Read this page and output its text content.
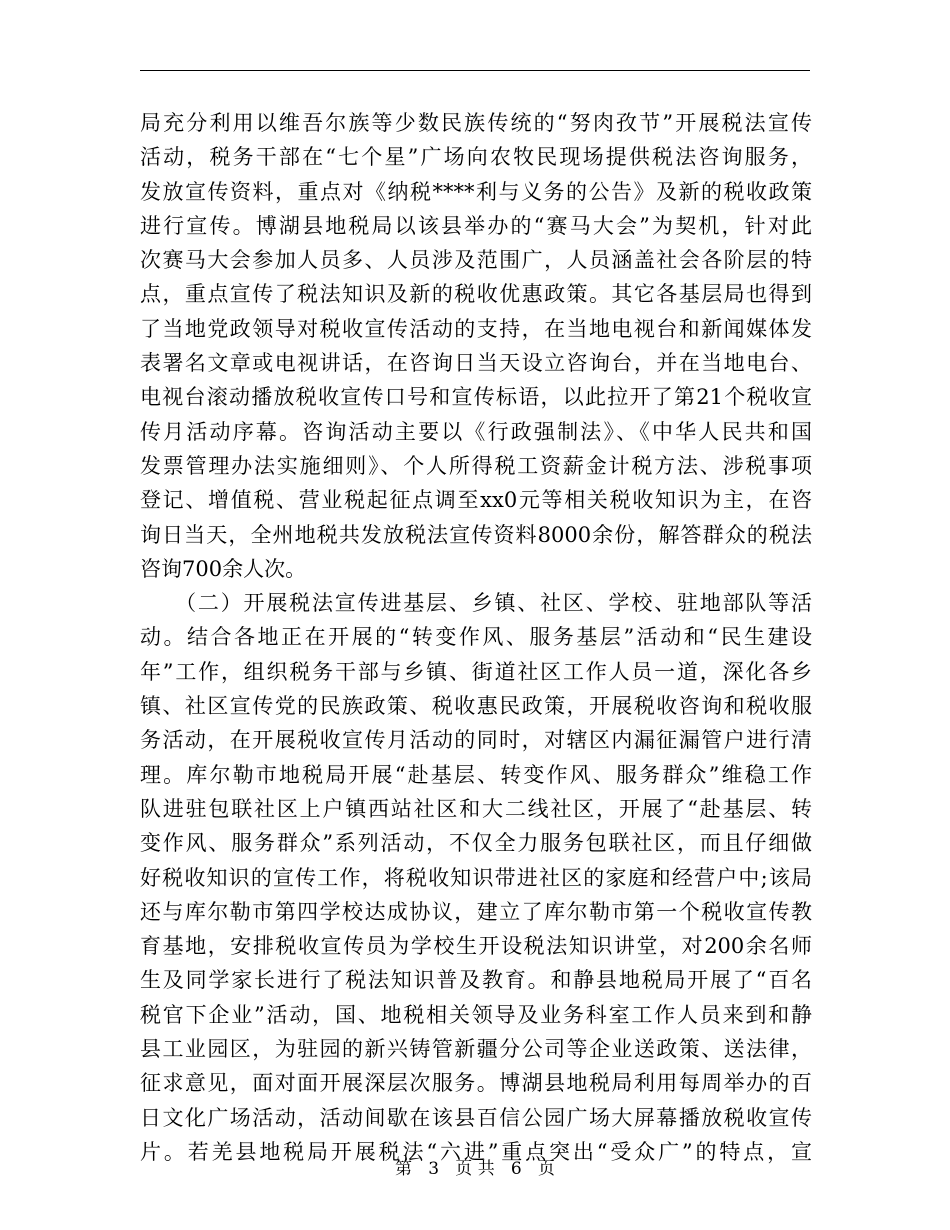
局充分利用以维吾尔族等少数民族传统的“努肉孜节”开展税法宣传
活动，税务干部在“七个星”广场向农牧民现场提供税法咨询服务，
发放宣传资料，重点对《纳税****利与义务的公告》及新的税收政策
进行宣传。博湖县地税局以该县举办的“赛马大会”为契机，针对此
次赛马大会参加人员多、人员涉及范围广，人员涵盖社会各阶层的特
点，重点宣传了税法知识及新的税收优惠政策。其它各基层局也得到
了当地党政领导对税收宣传活动的支持，在当地电视台和新闻媒体发
表署名文章或电视讲话，在咨询日当天设立咨询台，并在当地电台、
电视台滚动播放税收宣传口号和宣传标语，以此拉开了第21个税收宣
传月活动序幕。咨询活动主要以《行政强制法》、《中华人民共和国
发票管理办法实施细则》、个人所得税工资薪金计税方法、涉税事项
登记、增值税、营业税起征点调至xx0元等相关税收知识为主，在咨
询日当天，全州地税共发放税法宣传资料8000余份，解答群众的税法
咨询700余人次。
　　（二）开展税法宣传进基层、乡镇、社区、学校、驻地部队等活
动。结合各地正在开展的“转变作风、服务基层”活动和“民生建设
年”工作，组织税务干部与乡镇、街道社区工作人员一道，深化各乡
镇、社区宣传党的民族政策、税收惠民政策，开展税收咨询和税收服
务活动，在开展税收宣传月活动的同时，对辖区内漏征漏管户进行清
理。库尔勒市地税局开展“赴基层、转变作风、服务群众”维稳工作
队进驻包联社区上户镇西站社区和大二线社区，开展了“赴基层、转
变作风、服务群众”系列活动，不仅全力服务包联社区，而且仔细做
好税收知识的宣传工作，将税收知识带进社区的家庭和经营户中;该局
还与库尔勒市第四学校达成协议，建立了库尔勒市第一个税收宣传教
育基地，安排税收宣传员为学校生开设税法知识讲堂，对200余名师
生及同学家长进行了税法知识普及教育。和静县地税局开展了“百名
税官下企业”活动，国、地税相关领导及业务科室工作人员来到和静
县工业园区，为驻园的新兴铸管新疆分公司等企业送政策、送法律，
征求意见，面对面开展深层次服务。博湖县地税局利用每周举办的百
日文化广场活动，活动间歇在该县百信公园广场大屏幕播放税收宣传
片。若羌县地税局开展税法“六进”重点突出“受众广”的特点，宣
第 3 页 共 6 页
